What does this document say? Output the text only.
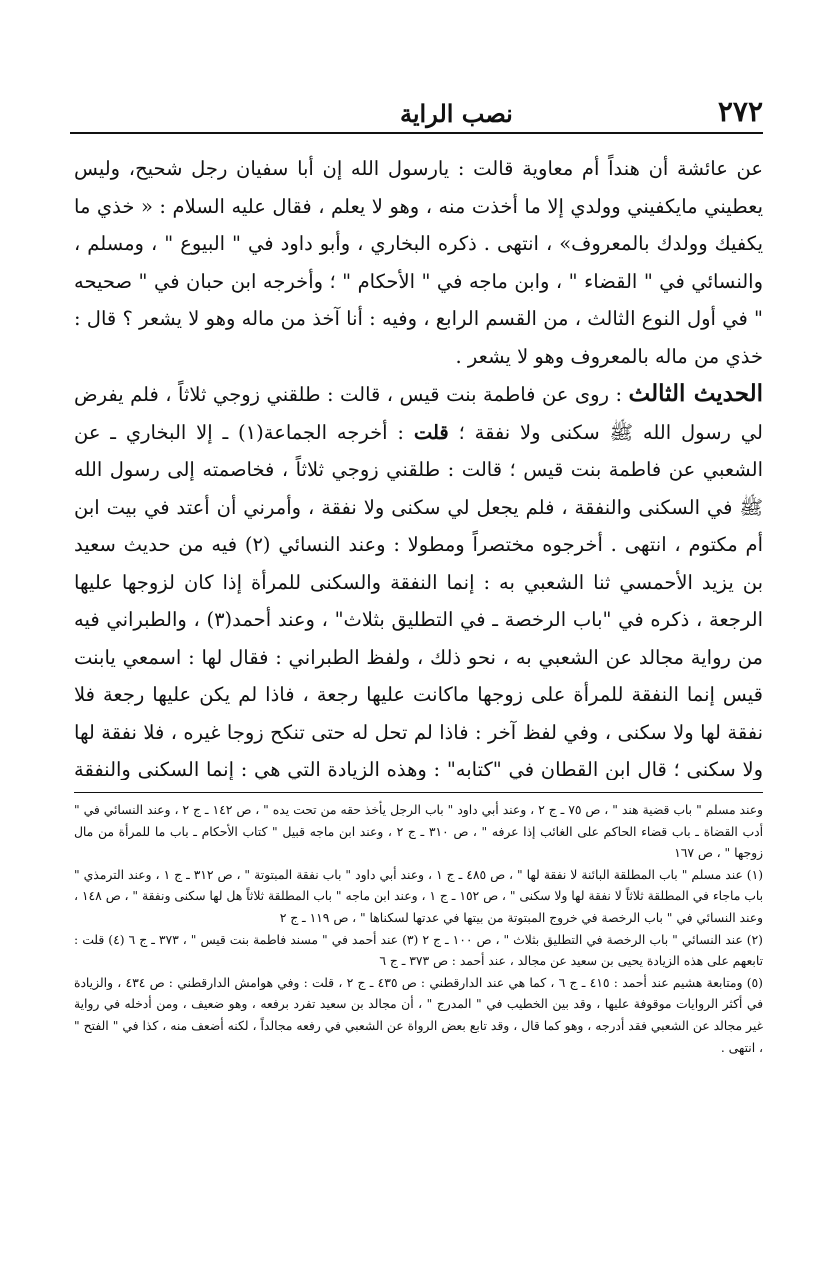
٢٧٢
نصب الراية

عن عائشة أن هنداً أم معاوية قالت : يارسول الله إن أبا سفيان رجل شحيح، وليس يعطيني مايكفيني وولدي إلا ما أخذت منه ، وهو لا يعلم ، فقال عليه السلام : « خذي ما يكفيك وولدك بالمعروف» ، انتهى . ذكره البخاري ، وأبو داود في " البيوع " ، ومسلم ، والنسائي في " القضاء " ، وابن ماجه في " الأحكام " ؛ وأخرجه ابن حبان في " صحيحه " في أول النوع الثالث ، من القسم الرابع ، وفيه : أنا آخذ من ماله وهو لا يشعر ؟ قال : خذي من ماله بالمعروف وهو لا يشعر .

الحديث الثالث : روى عن فاطمة بنت قيس ، قالت : طلقني زوجي ثلاثاً ، فلم يفرض لي رسول الله ﷺ سكنى ولا نفقة ؛ قلت : أخرجه الجماعة(١) ـ إلا البخاري ـ عن الشعبي عن فاطمة بنت قيس ؛ قالت : طلقني زوجي ثلاثاً ، فخاصمته إلى رسول الله ﷺ في السكنى والنفقة ، فلم يجعل لي سكنى ولا نفقة ، وأمرني أن أعتد في بيت ابن أم مكتوم ، انتهى . أخرجوه مختصراً ومطولا : وعند النسائي (٢) فيه من حديث سعيد بن يزيد الأحمسي ثنا الشعبي به : إنما النفقة والسكنى للمرأة إذا كان لزوجها عليها الرجعة ، ذكره في "باب الرخصة ـ في التطليق بثلاث" ، وعند أحمد(٣) ، والطبراني فيه من رواية مجالد عن الشعبي به ، نحو ذلك ، ولفظ الطبراني : فقال لها : اسمعي يابنت قيس إنما النفقة للمرأة على زوجها ماكانت عليها رجعة ، فاذا لم يكن عليها رجعة فلا نفقة لها ولا سكنى ، وفي لفظ آخر : فاذا لم تحل له حتى تنكح زوجا غيره ، فلا نفقة لها ولا سكنى ؛ قال ابن القطان في "كتابه" : وهذه الزيادة التي هي : إنما السكنى والنفقة

وعند مسلم " باب قضية هند " ، ص ٧٥ ـ ج ٢ ، وعند أبي داود " باب الرجل يأخذ حقه من تحت يده " ، ص ١٤٢ ـ ج ٢ ، وعند النسائي في " أدب القضاة ـ باب قضاء الحاكم على الغائب إذا عرفه " ، ص ٣١٠ ـ ج ٢ ، وعند ابن ماجه قبيل " كتاب الأحكام ـ باب ما للمرأة من مال زوجها " ، ص ١٦٧

(١) عند مسلم " باب المطلقة البائنة لا نفقة لها " ، ص ٤٨٥ ـ ج ١ ، وعند أبي داود " باب نفقة المبتوتة " ، ص ٣١٢ ـ ج ١ ، وعند الترمذي " باب ماجاء في المطلقة ثلاثاً لا نفقة لها ولا سكنى " ، ص ١٥٢ ـ ج ١ ، وعند ابن ماجه " باب المطلقة ثلاثاً هل لها سكنى ونفقة " ، ص ١٤٨ ، وعند النسائي في " باب الرخصة في خروج المبتوتة من بيتها في عدتها لسكناها " ، ص ١١٩ ـ ج ٢

(٢) عند النسائي " باب الرخصة في التطليق بثلاث " ، ص ١٠٠ ـ ج ٢ (٣) عند أحمد في " مسند فاطمة بنت قيس " ، ٣٧٣ ـ ج ٦ (٤) قلت : تابعهم على هذه الزيادة يحيى بن سعيد عن مجالد ، عند أحمد : ص ٣٧٣ ـ ج ٦

(٥) ومتابعة هشيم عند أحمد : ٤١٥ ـ ج ٦ ، كما هي عند الدارقطني : ص ٤٣٥ ـ ج ٢ ، قلت : وفي هوامش الدارقطني : ص ٤٣٤ ، والزيادة في أكثر الروايات موقوفة عليها ، وقد بين الخطيب في " المدرج " ، أن مجالد بن سعيد تفرد برفعه ، وهو ضعيف ، ومن أدخله في رواية غير مجالد عن الشعبي فقد أدرجه ، وهو كما قال ، وقد تابع بعض الرواة عن الشعبي في رفعه مجالداً ، لكنه أضعف منه ، كذا في " الفتح " ، انتهى .
